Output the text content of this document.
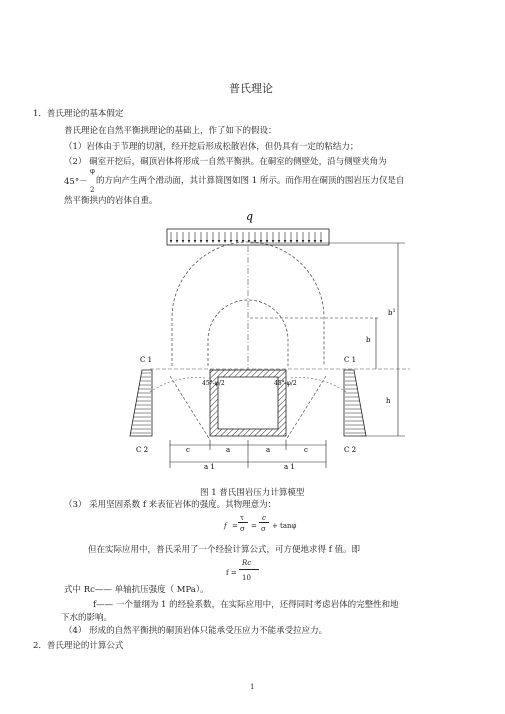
普氏理论
1．普氏理论的基本假定
普氏理论在自然平衡拱理论的基础上，作了如下的假设：
（1）岩体由于节理的切割，经开挖后形成松散岩体，但仍具有一定的粘结力；
（2） 硐室开挖后，硐顶岩体将形成一自然平衡拱。在硐室的侧壁处，沿与侧壁夹角为
45°－
φ
2
的方向产生两个滑动面，其计算简图如图 1 所示。而作用在硐顶的围岩压力仅是自
然平衡拱内的岩体自重。
q
45°-φ/2	45°-φ/2
C 1	C 1
C 2	C 2
$b^1$
b
h
c	a	a	c
a 1	a 1
图 1 普氏围岩压力计算模型
（3） 采用坚固系数 f 来表征岩体的强度。其物理意为：
f =
τ
σ =
c
σ + tanφ
但在实际应用中，普氏采用了一个经验计算公式，可方便地求得 f 值。即
f =
Rc
10
式中 Rc—— 单轴抗压强度（ MPa）。
f—— 一个量纲为 1 的经验系数，在实际应用中，还得同时考虑岩体的完整性和地
下水的影响。
（4） 形成的自然平衡拱的硐顶岩体只能承受压应力不能承受拉应力。
2．普氏理论的计算公式
1
